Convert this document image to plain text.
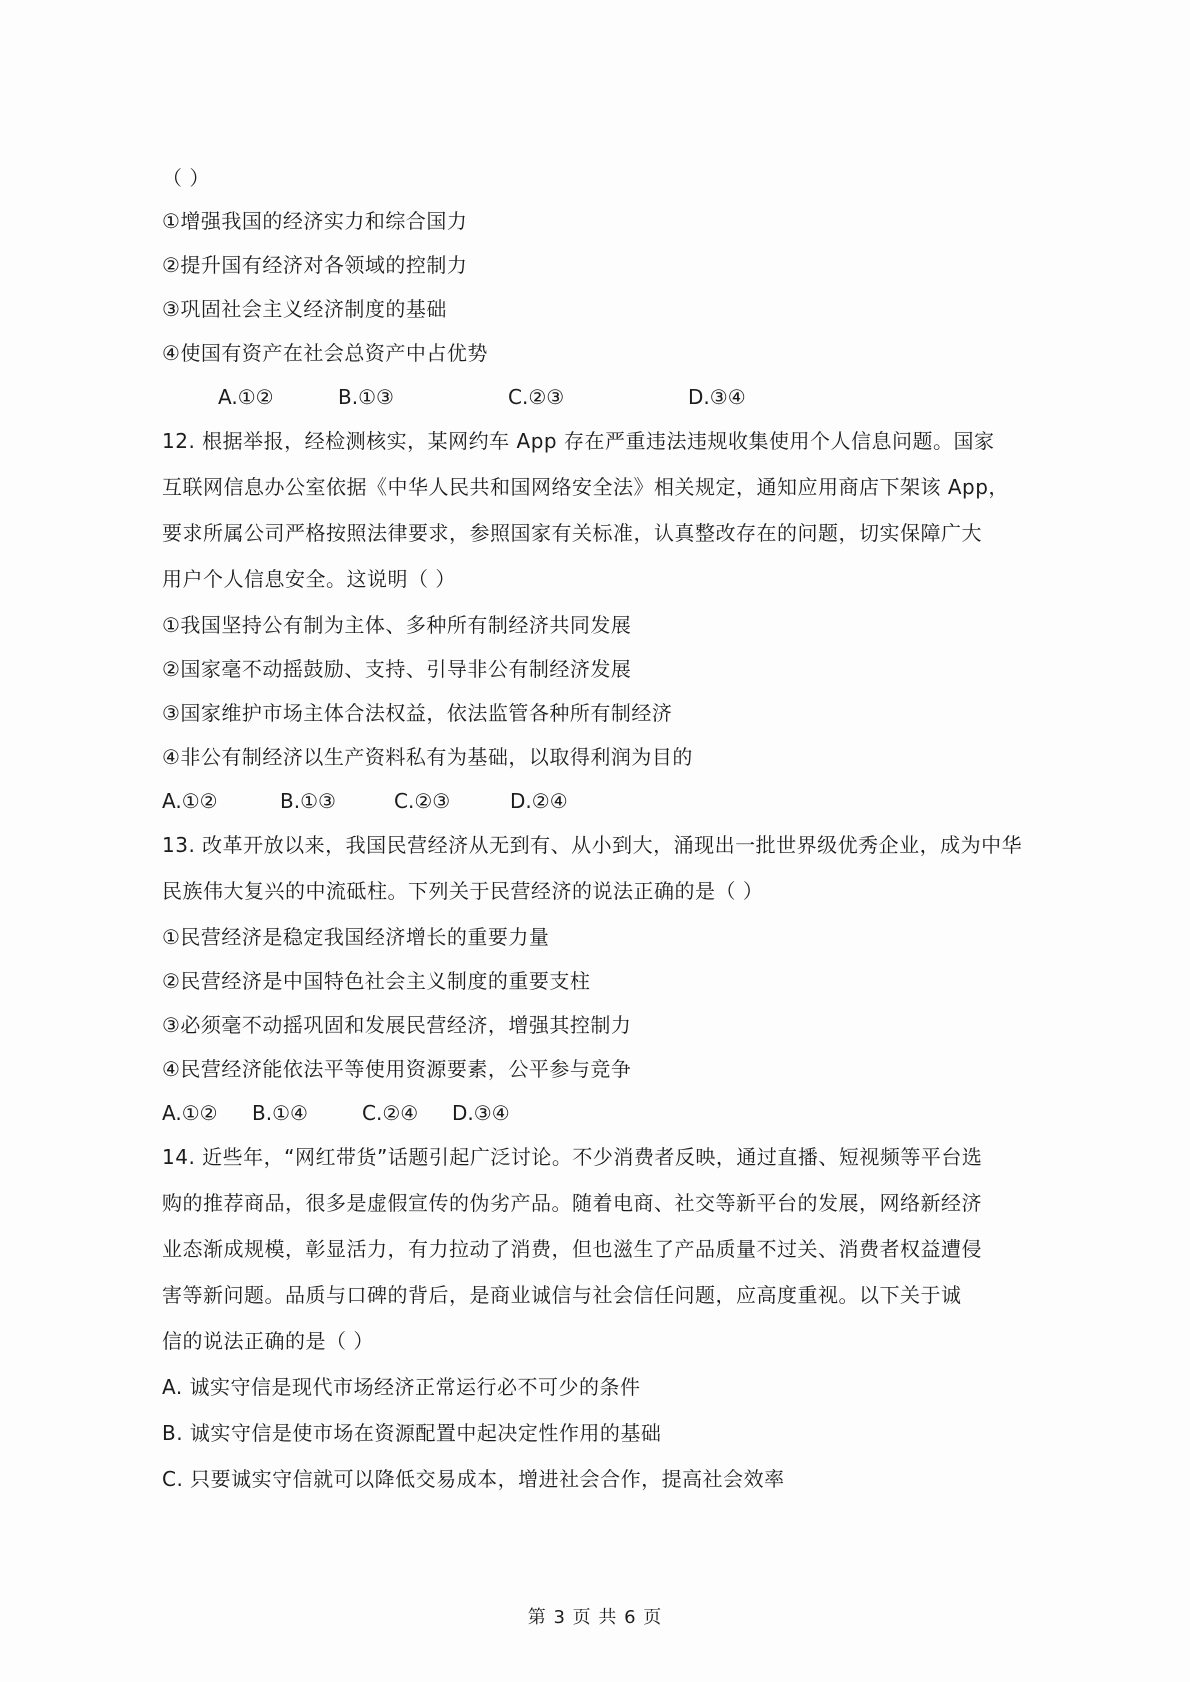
（ ）
①增强我国的经济实力和综合国力
②提升国有经济对各领域的控制力
③巩固社会主义经济制度的基础
④使国有资产在社会总资产中占优势
A.①②	B.①③	C.②③	D.③④
12. 根据举报，经检测核实，某网约车 App 存在严重违法违规收集使用个人信息问题。国家
互联网信息办公室依据《中华人民共和国网络安全法》相关规定，通知应用商店下架该 App，
要求所属公司严格按照法律要求，参照国家有关标准，认真整改存在的问题，切实保障广大
用户个人信息安全。这说明（ ）
①我国坚持公有制为主体、多种所有制经济共同发展
②国家毫不动摇鼓励、支持、引导非公有制经济发展
③国家维护市场主体合法权益，依法监管各种所有制经济
④非公有制经济以生产资料私有为基础，以取得利润为目的
A.①②	B.①③	C.②③	D.②④
13. 改革开放以来，我国民营经济从无到有、从小到大，涌现出一批世界级优秀企业，成为中华
民族伟大复兴的中流砥柱。下列关于民营经济的说法正确的是（ ）
①民营经济是稳定我国经济增长的重要力量
②民营经济是中国特色社会主义制度的重要支柱
③必须毫不动摇巩固和发展民营经济，增强其控制力
④民营经济能依法平等使用资源要素，公平参与竞争
A.①② B.①④	C.②④ D.③④
14. 近些年，“网红带货”话题引起广泛讨论。不少消费者反映，通过直播、短视频等平台选
购的推荐商品，很多是虚假宣传的伪劣产品。随着电商、社交等新平台的发展，网络新经济
业态渐成规模，彰显活力，有力拉动了消费，但也滋生了产品质量不过关、消费者权益遭侵
害等新问题。品质与口碑的背后，是商业诚信与社会信任问题，应高度重视。以下关于诚
信的说法正确的是（ ）
A. 诚实守信是现代市场经济正常运行必不可少的条件
B. 诚实守信是使市场在资源配置中起决定性作用的基础
C. 只要诚实守信就可以降低交易成本，增进社会合作，提高社会效率
第 3 页 共 6 页
